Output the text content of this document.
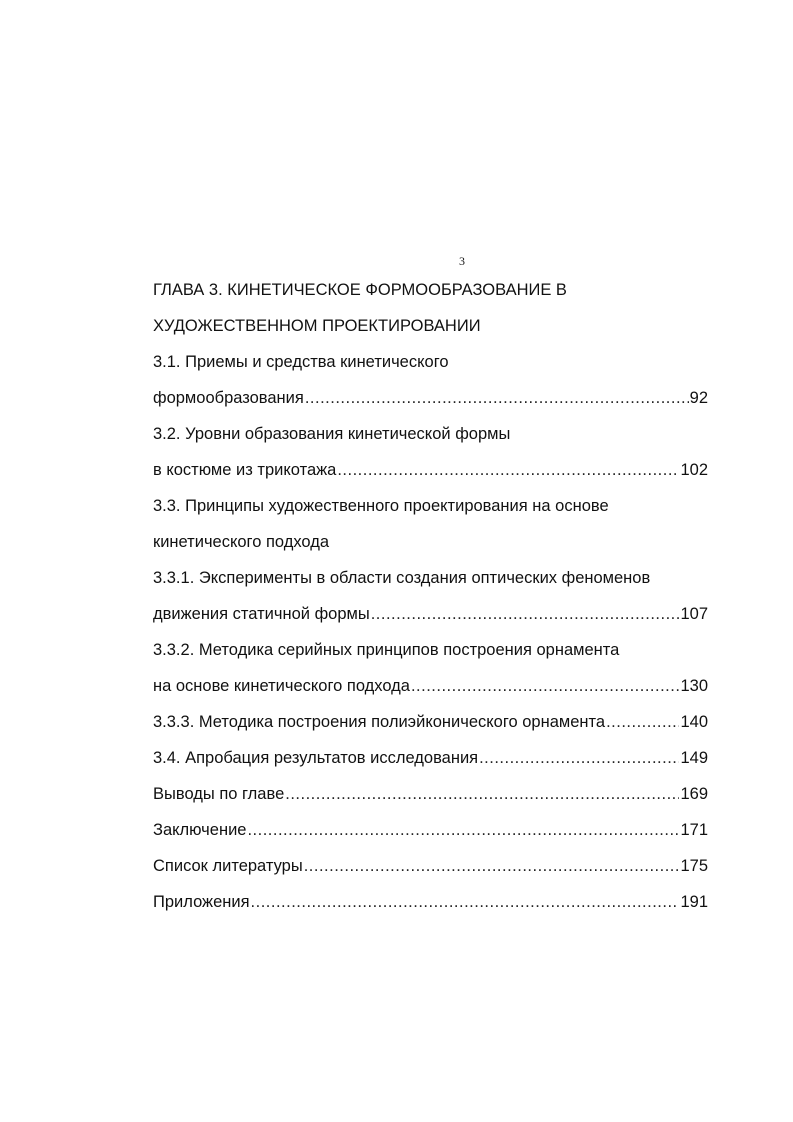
3
ГЛАВА 3. КИНЕТИЧЕСКОЕ ФОРМООБРАЗОВАНИЕ В
ХУДОЖЕСТВЕННОМ ПРОЕКТИРОВАНИИ
3.1. Приемы и средства кинетического
формообразования .....	92
3.2. Уровни образования кинетической формы
в костюме из трикотажа .....	102
3.3. Принципы художественного проектирования на основе
кинетического подхода
3.3.1. Эксперименты в области создания оптических феноменов
движения статичной формы .....	107
3.3.2. Методика серийных принципов построения орнамента
на основе кинетического подхода .....	130
3.3.3. Методика построения полиэйконического орнамента .....	140
3.4. Апробация результатов исследования .....	149
Выводы по главе .....	169
Заключение .....	171
Список литературы .....	175
Приложения .....	191
